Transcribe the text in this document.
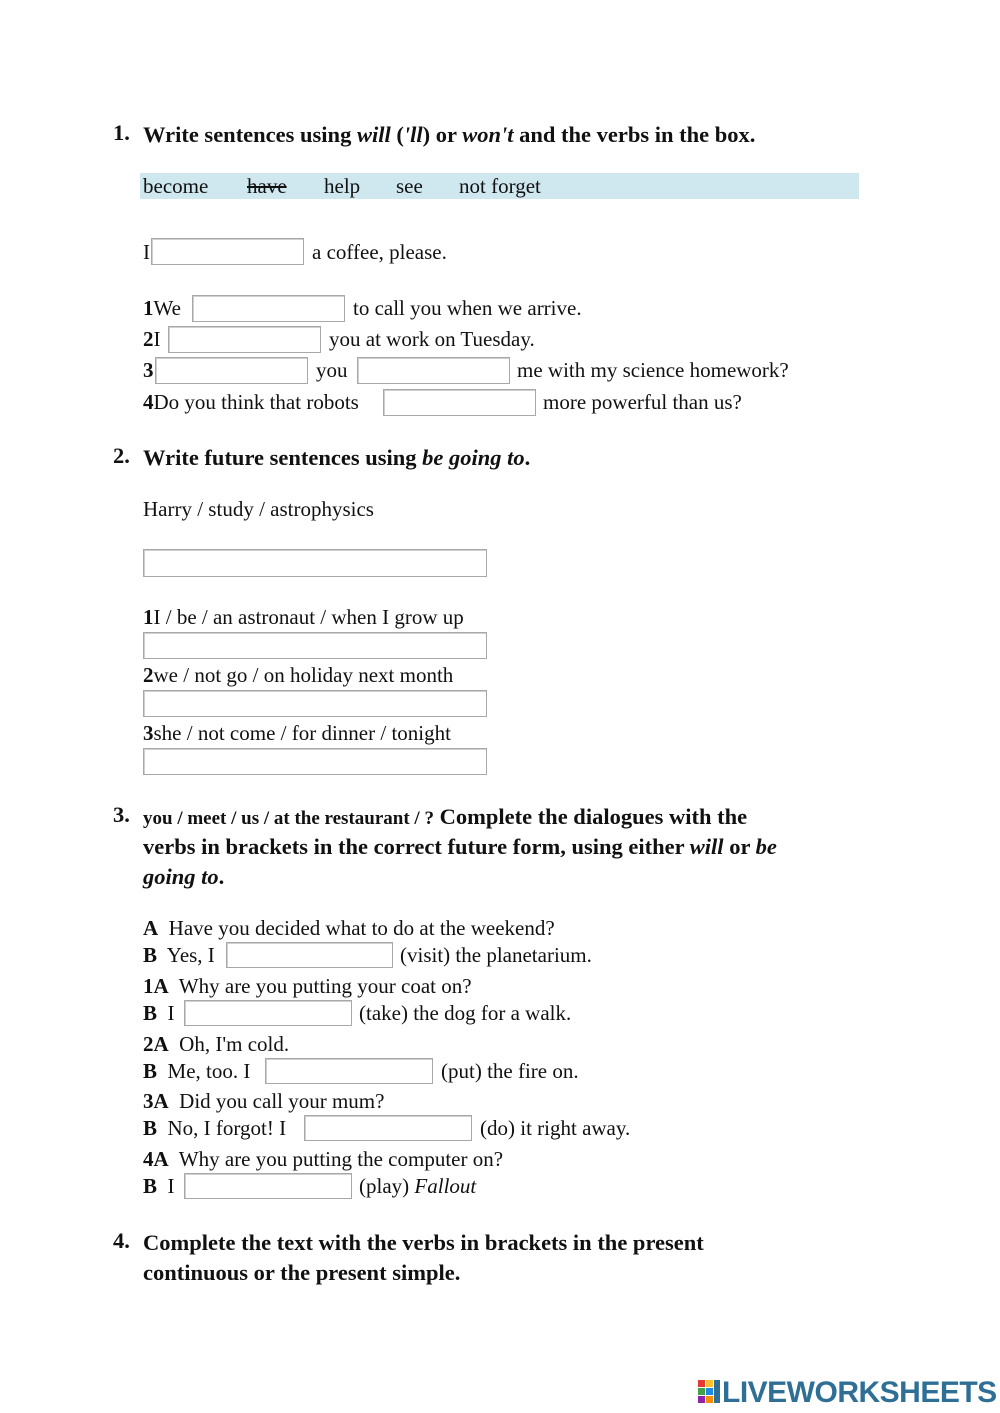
1. Write sentences using will ('ll) or won't and the verbs in the box.
become have help see not forget
I	a coffee, please.
1We	to call you when we arrive.
2I	you at work on Tuesday.
3	you	me with my science homework?
4Do you think that robots	more powerful than us?
2. Write future sentences using be going to.
Harry / study / astrophysics
1I / be / an astronaut / when I grow up
2we / not go / on holiday next month
3she / not come / for dinner / tonight
3. you / meet / us / at the restaurant / ? Complete the dialogues with the
verbs in brackets in the correct future form, using either will or be
going to.
A Have you decided what to do at the weekend?
B Yes, I	(visit) the planetarium.
1A Why are you putting your coat on?
B I	(take) the dog for a walk.
2A Oh, I'm cold.
B Me, too. I	(put) the fire on.
3A Did you call your mum?
B No, I forgot! I	(do) it right away.
4A Why are you putting the computer on?
B I	(play) Fallout
4. Complete the text with the verbs in brackets in the present
continuous or the present simple.
LIVEWORKSHEETS
